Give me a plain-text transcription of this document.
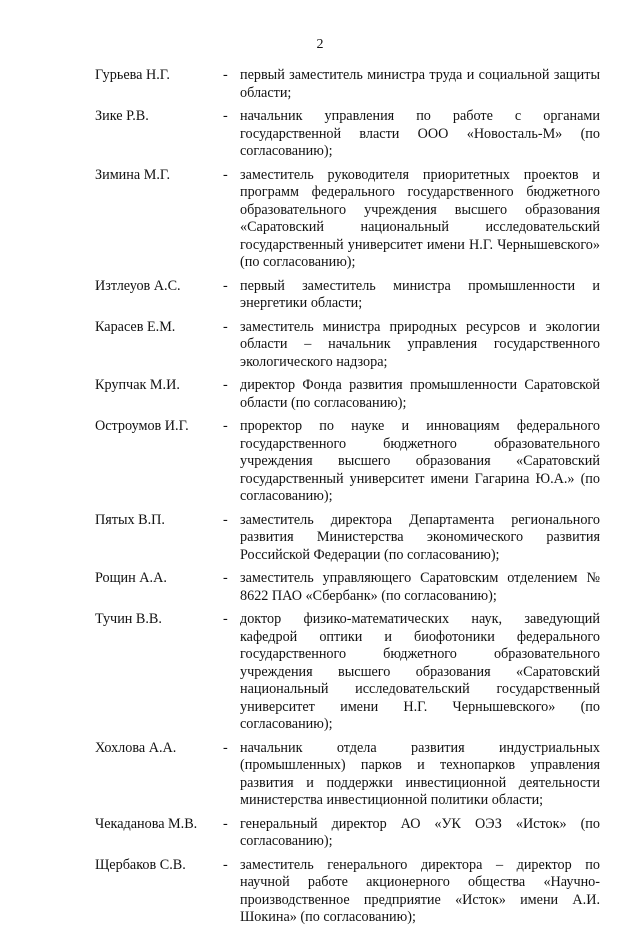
2
Гурьева Н.Г.	- первый заместитель министра труда и социальной защиты области;
Зике Р.В.	- начальник управления по работе с органами государственной власти ООО «Новосталь-М» (по согласованию);
Зимина М.Г.	- заместитель руководителя приоритетных проектов и программ федерального государственного бюджетного образовательного учреждения высшего образования «Саратовский национальный исследовательский государственный университет имени Н.Г. Чернышевского» (по согласованию);
Изтлеуов А.С.	- первый заместитель министра промышленности и энергетики области;
Карасев Е.М.	- заместитель министра природных ресурсов и экологии области – начальник управления государственного экологического надзора;
Крупчак М.И.	- директор Фонда развития промышленности Саратовской области (по согласованию);
Остроумов И.Г.	- проректор по науке и инновациям федерального государственного бюджетного образовательного учреждения высшего образования «Саратовский государственный университет имени Гагарина Ю.А.» (по согласованию);
Пятых В.П.	- заместитель директора Департамента регионального развития Министерства экономического развития Российской Федерации (по согласованию);
Рощин А.А.	- заместитель управляющего Саратовским отделением № 8622 ПАО «Сбербанк» (по согласованию);
Тучин В.В.	- доктор физико-математических наук, заведующий кафедрой оптики и биофотоники федерального государственного бюджетного образовательного учреждения высшего образования «Саратовский национальный исследовательский государственный университет имени Н.Г. Чернышевского» (по согласованию);
Хохлова А.А.	- начальник отдела развития индустриальных (промышленных) парков и технопарков управления развития и поддержки инвестиционной деятельности министерства инвестиционной политики области;
Чекаданова М.В.	- генеральный директор АО «УК ОЭЗ «Исток» (по согласованию);
Щербаков С.В.	- заместитель генерального директора – директор по научной работе акционерного общества «Научно-производственное предприятие «Исток» имени А.И. Шокина» (по согласованию);
